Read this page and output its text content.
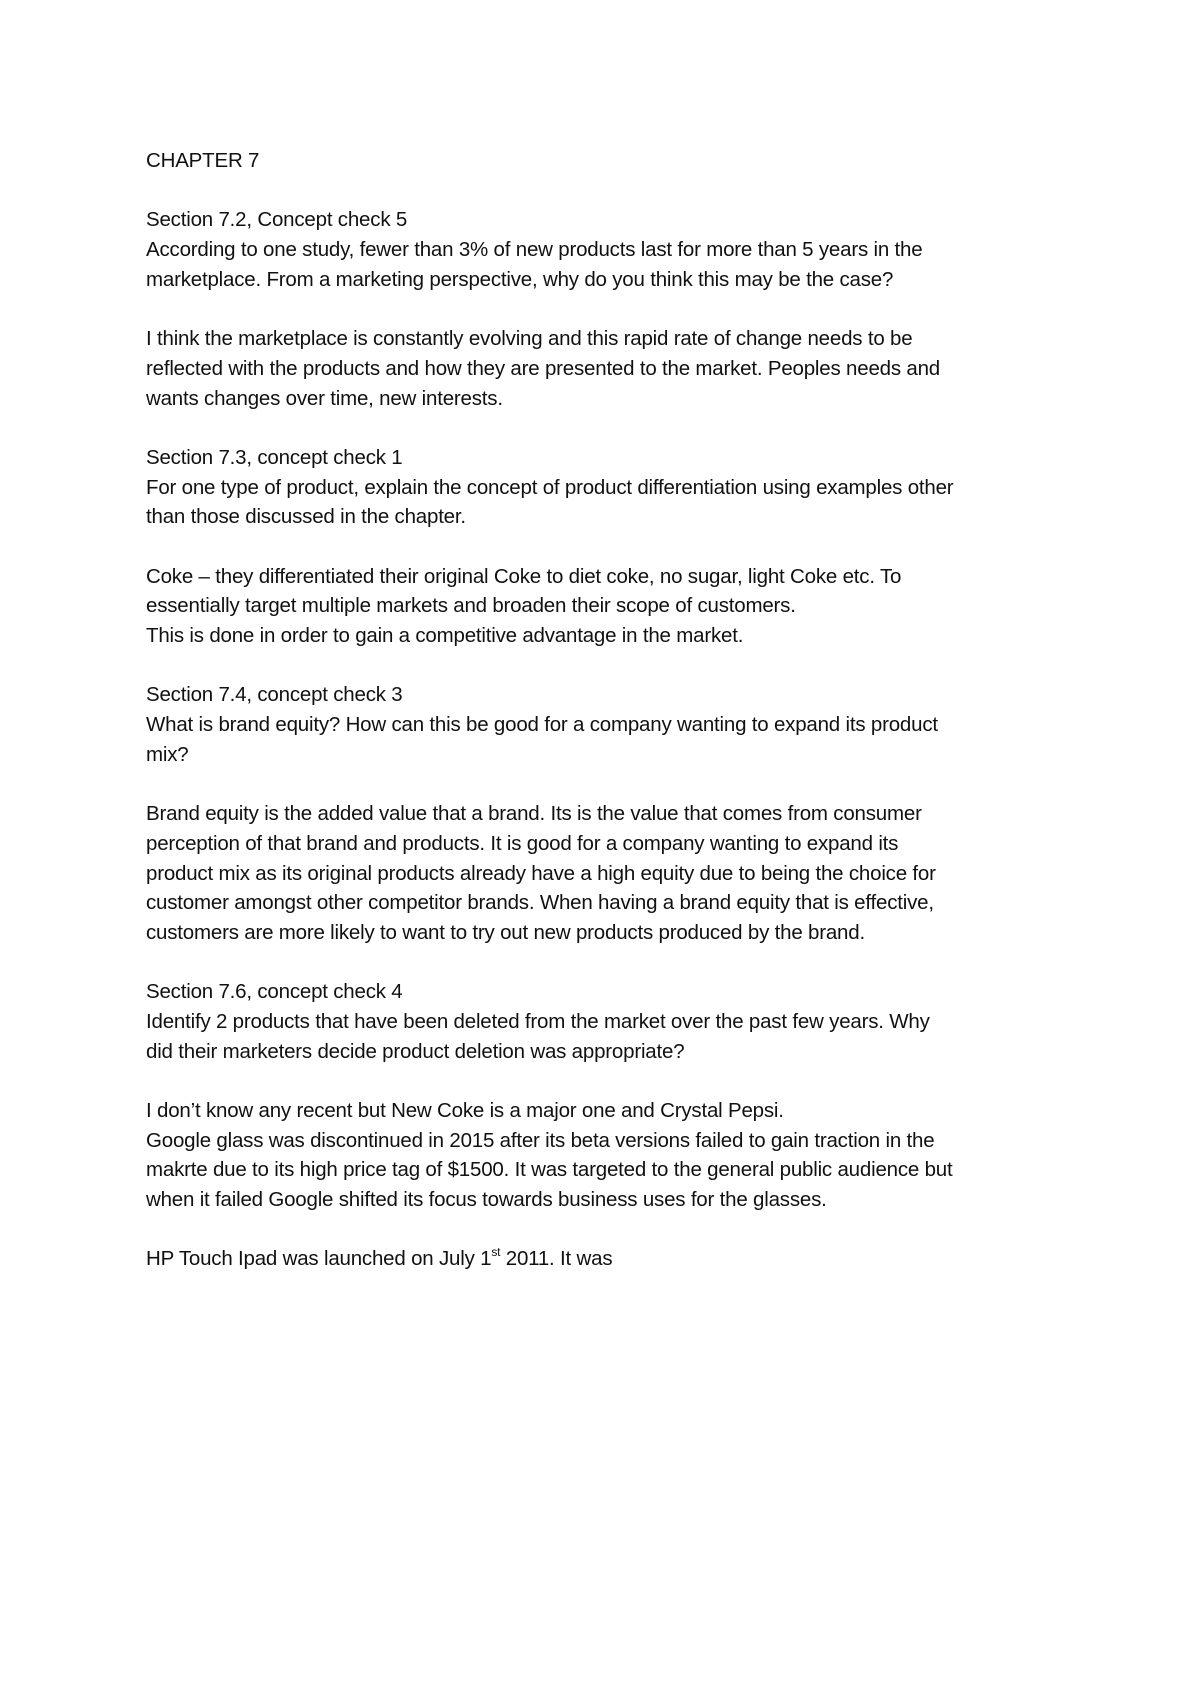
CHAPTER 7
Section 7.2, Concept check 5
According to one study, fewer than 3% of new products last for more than 5 years in the
marketplace. From a marketing perspective, why do you think this may be the case?
I think the marketplace is constantly evolving and this rapid rate of change needs to be
reflected with the products and how they are presented to the market. Peoples needs and
wants changes over time, new interests.
Section 7.3, concept check 1
For one type of product, explain the concept of product differentiation using examples other
than those discussed in the chapter.
Coke – they differentiated their original Coke to diet coke, no sugar, light Coke etc. To
essentially target multiple markets and broaden their scope of customers.
This is done in order to gain a competitive advantage in the market.
Section 7.4, concept check 3
What is brand equity? How can this be good for a company wanting to expand its product
mix?
Brand equity is the added value that a brand. Its is the value that comes from consumer
perception of that brand and products. It is good for a company wanting to expand its
product mix as its original products already have a high equity due to being the choice for
customer amongst other competitor brands. When having a brand equity that is effective,
customers are more likely to want to try out new products produced by the brand.
Section 7.6, concept check 4
Identify 2 products that have been deleted from the market over the past few years. Why
did their marketers decide product deletion was appropriate?
I don’t know any recent but New Coke is a major one and Crystal Pepsi.
Google glass was discontinued in 2015 after its beta versions failed to gain traction in the
makrte due to its high price tag of $1500. It was targeted to the general public audience but
when it failed Google shifted its focus towards business uses for the glasses.
HP Touch Ipad was launched on July 1st 2011. It was
